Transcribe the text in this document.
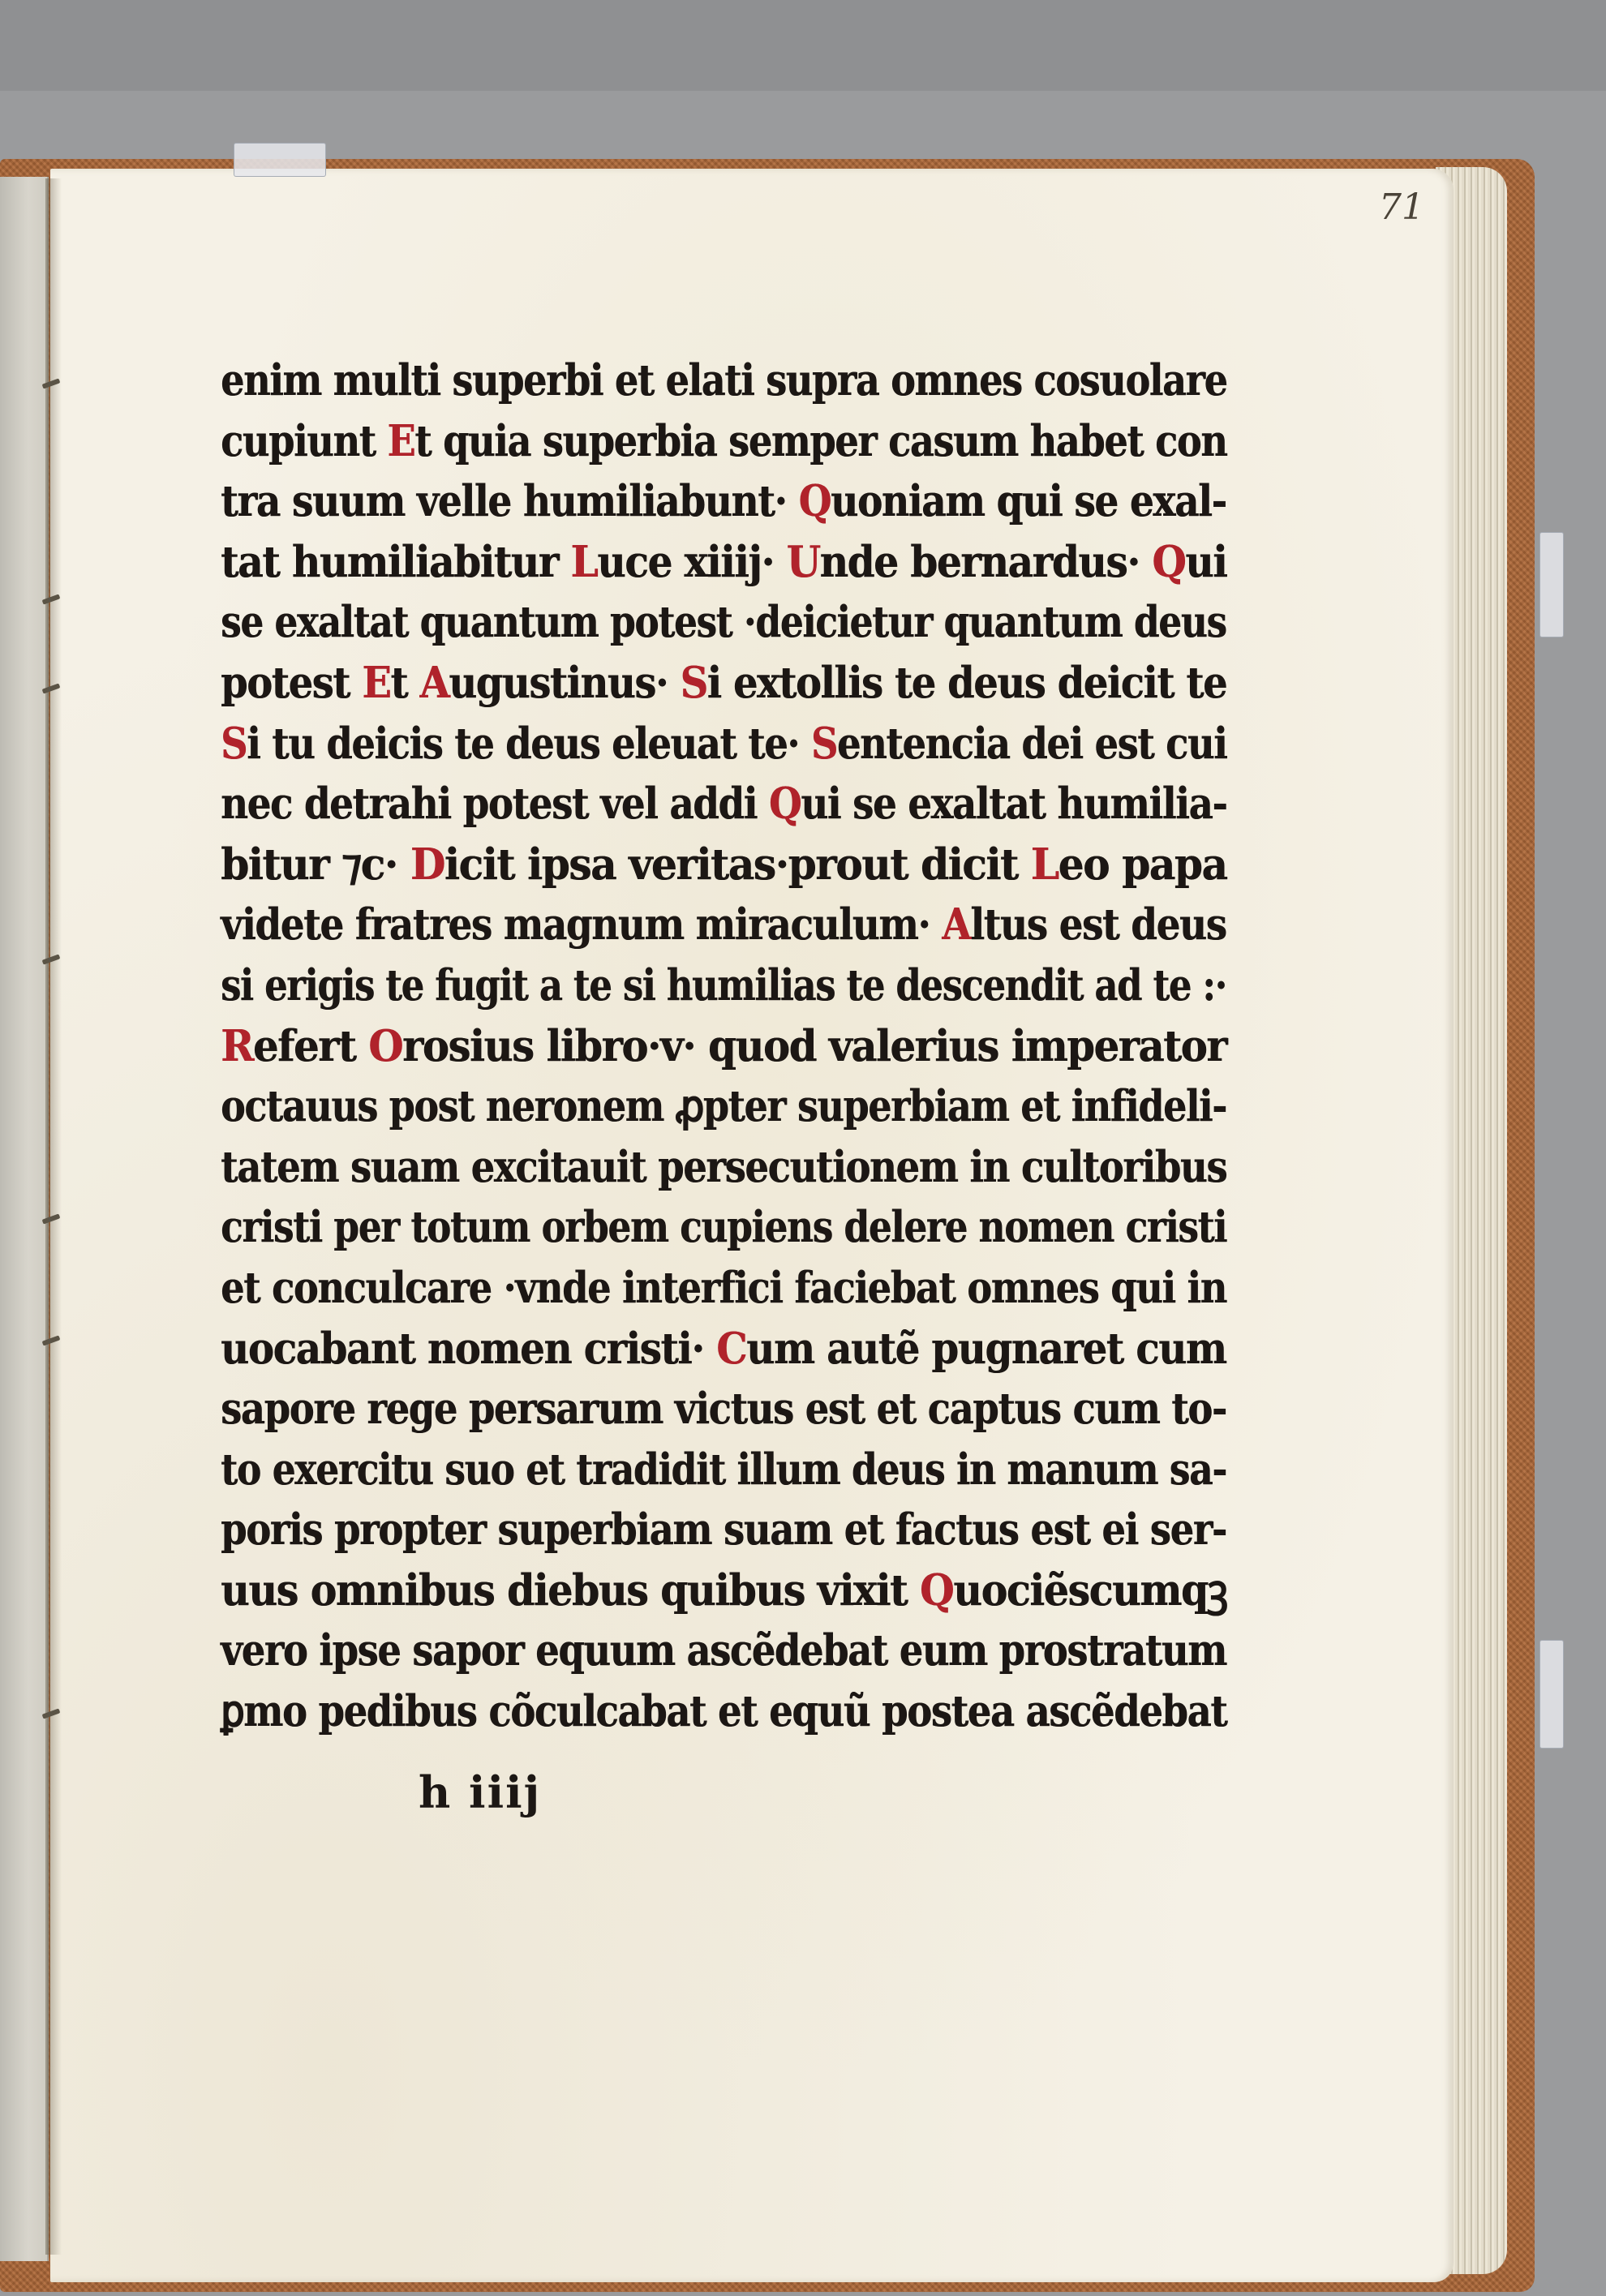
71
enim multi superbi et elati supra omnes cosuolare
cupiunt Et quia superbia semper casum habet con
tra suum velle humiliabunt· Quoniam qui se exal-
tat humiliabitur Luce xiiij· Unde bernardus· Qui
se exaltat quantum potest ·deicietur quantum deus
potest Et Augustinus· Si extollis te deus deicit te
Si tu deicis te deus eleuat te· Sentencia dei est cui
nec detrahi potest vel addi Qui se exaltat humilia-
bitur ⁊c· Dicit ipsa veritas·prout dicit Leo papa
videte fratres magnum miraculum· Altus est deus
si erigis te fugit a te si humilias te descendit ad te :·
Refert Orosius libro·v· quod valerius imperator
octauus post neronem ꝓpter superbiam et infideli-
tatem suam excitauit persecutionem in cultoribus
cristi per totum orbem cupiens delere nomen cristi
et conculcare ·vnde interfici faciebat omnes qui in
uocabant nomen cristi· Cum autẽ pugnaret cum
sapore rege persarum victus est et captus cum to-
to exercitu suo et tradidit illum deus in manum sa-
poris propter superbiam suam et factus est ei ser-
uus omnibus diebus quibus vixit Quociẽscumqꝫ
vero ipse sapor equum ascẽdebat eum prostratum
ꝑmo pedibus cõculcabat et equũ postea ascẽdebat
h iiij
